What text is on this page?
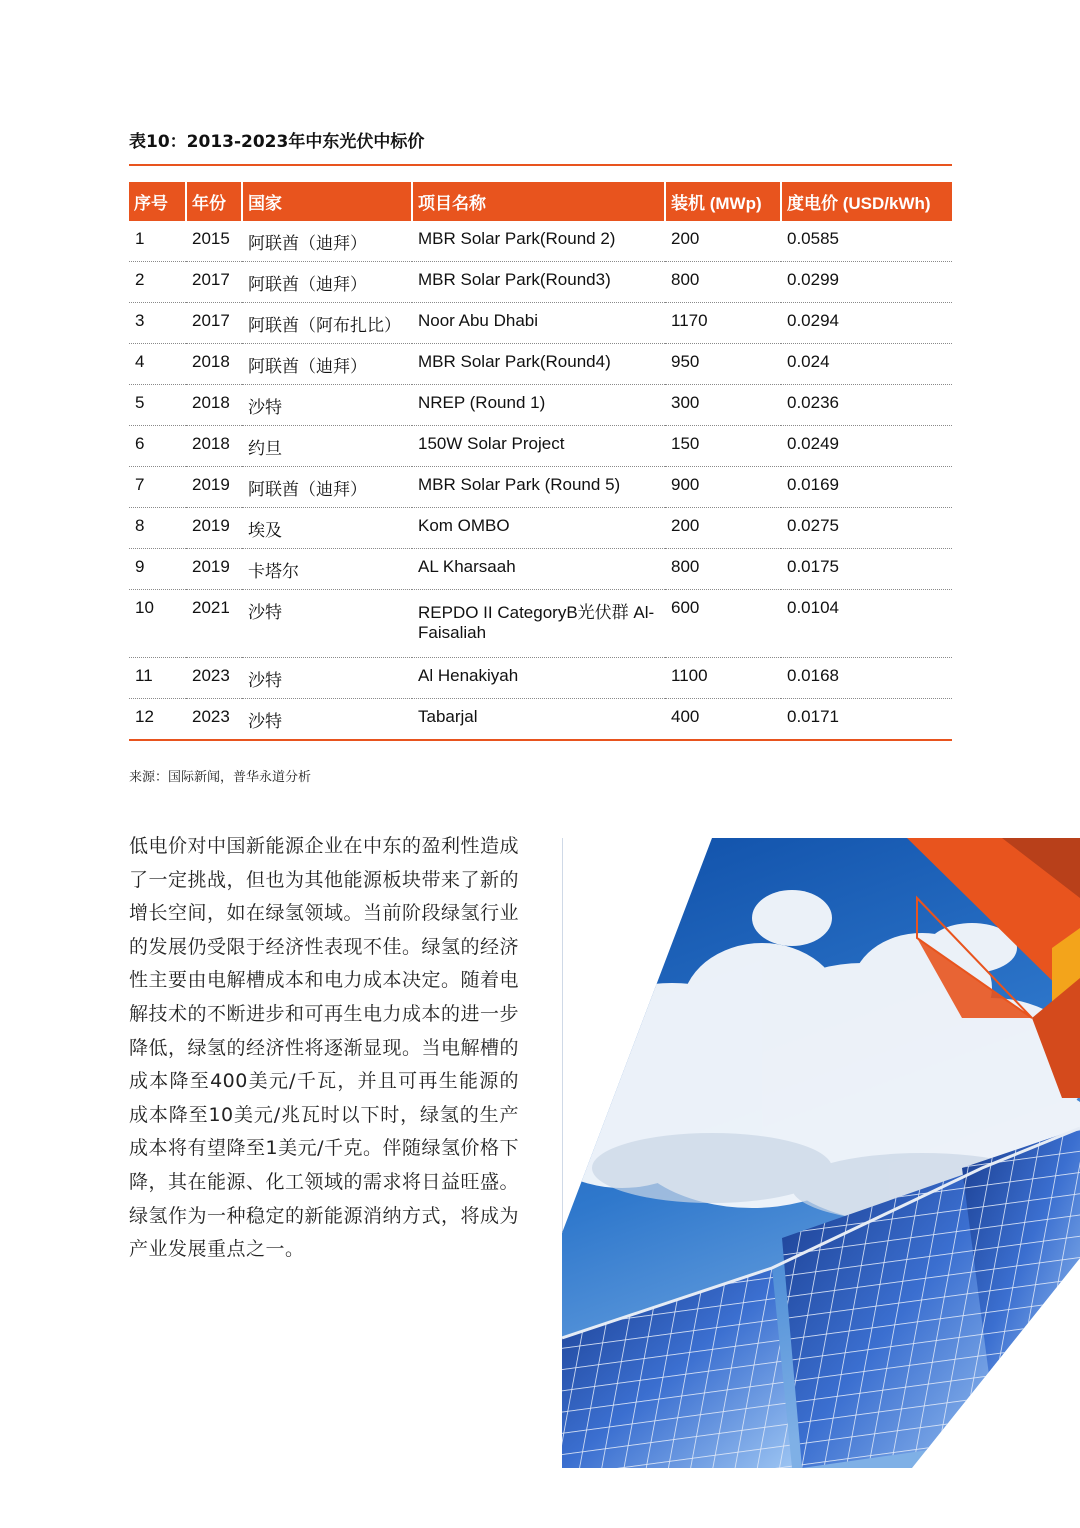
表10：2013-2023年中东光伏中标价
序号	年份	国家	项目名称	装机 (MWp)	度电价 (USD/kWh)
1	2015	阿联酋（迪拜）	MBR Solar Park(Round 2)	200	0.0585
2	2017	阿联酋（迪拜）	MBR Solar Park(Round3)	800	0.0299
3	2017	阿联酋（阿布扎比）	Noor Abu Dhabi	1170	0.0294
4	2018	阿联酋（迪拜）	MBR Solar Park(Round4)	950	0.024
5	2018	沙特	NREP (Round 1)	300	0.0236
6	2018	约旦	150W Solar Project	150	0.0249
7	2019	阿联酋（迪拜）	MBR Solar Park (Round 5)	900	0.0169
8	2019	埃及	Kom OMBO	200	0.0275
9	2019	卡塔尔	AL Kharsaah	800	0.0175
10	2021	沙特	REPDO II CategoryB光伏群 Al-Faisaliah	600	0.0104
11	2023	沙特	Al Henakiyah	1100	0.0168
12	2023	沙特	Tabarjal	400	0.0171
来源：国际新闻，普华永道分析
低电价对中国新能源企业在中东的盈利性造成了一定挑战，但也为其他能源板块带来了新的增长空间，如在绿氢领域。当前阶段绿氢行业的发展仍受限于经济性表现不佳。绿氢的经济性主要由电解槽成本和电力成本决定。随着电解技术的不断进步和可再生电力成本的进一步降低，绿氢的经济性将逐渐显现。当电解槽的成本降至400美元/千瓦，并且可再生能源的成本降至10美元/兆瓦时以下时，绿氢的生产成本将有望降至1美元/千克。伴随绿氢价格下降，其在能源、化工领域的需求将日益旺盛。绿氢作为一种稳定的新能源消纳方式，将成为产业发展重点之一。
